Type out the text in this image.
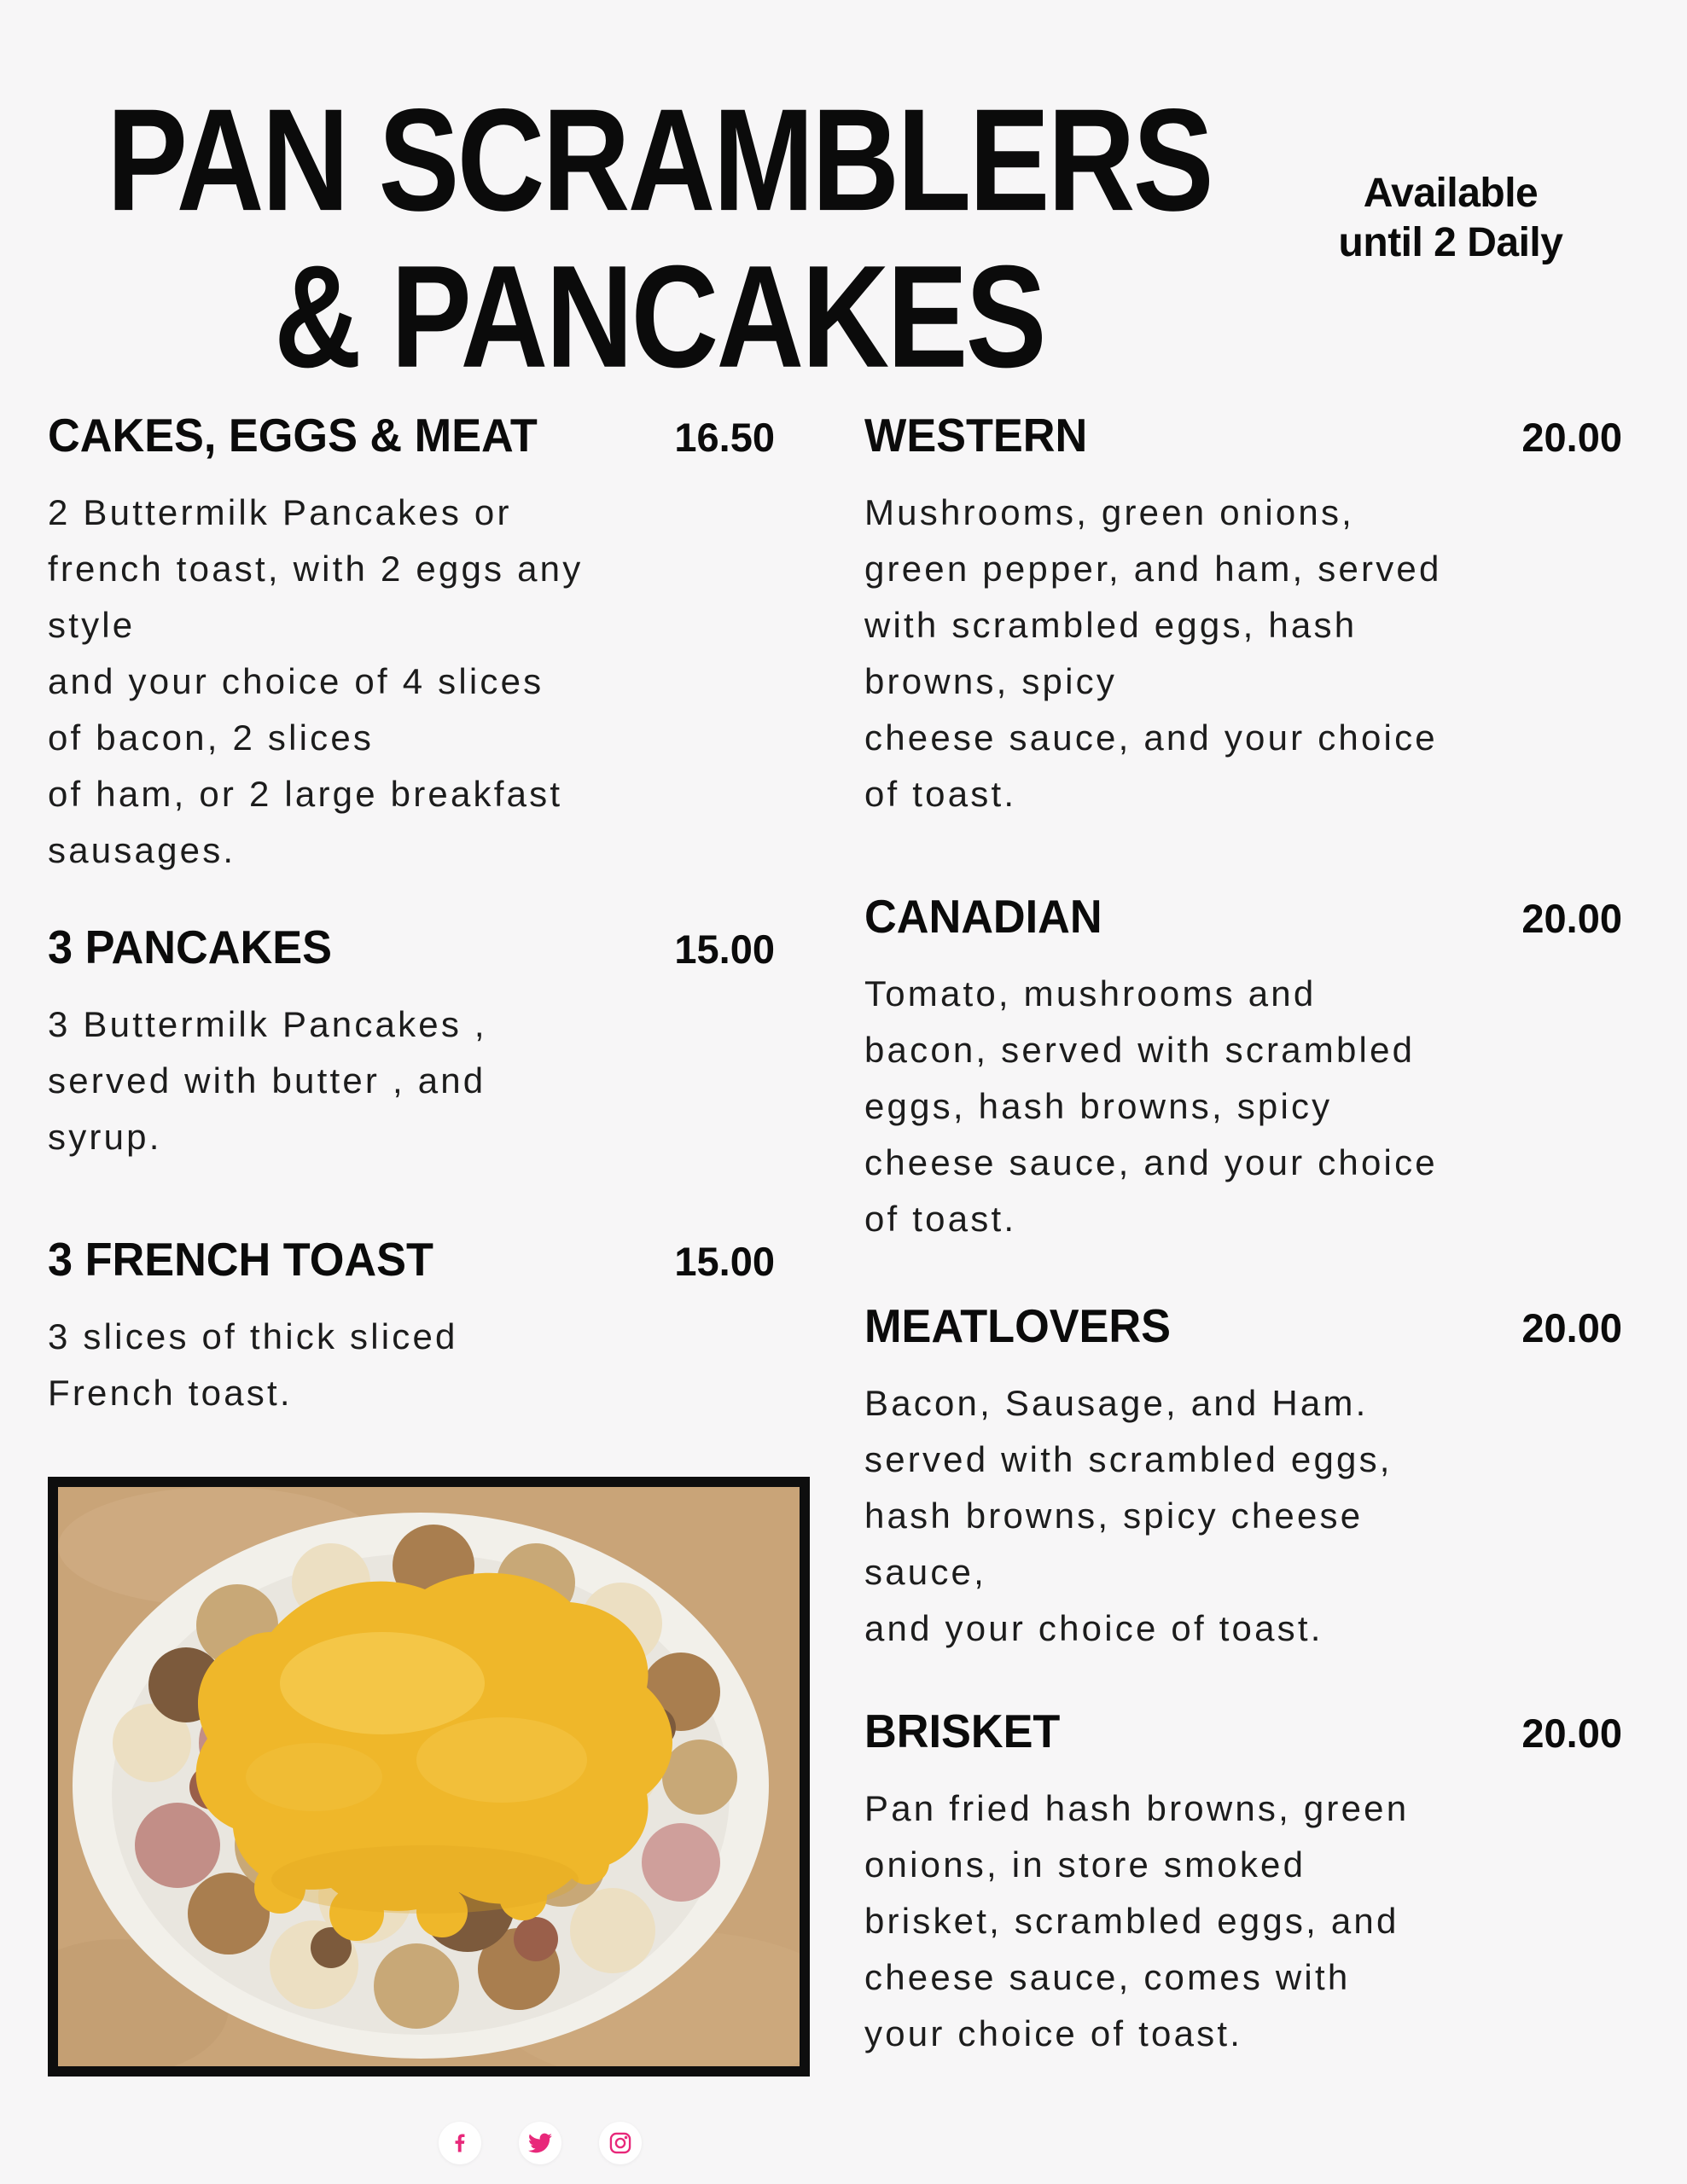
PAN SCRAMBLERS
& PANCAKES
Available
until 2 Daily
CAKES, EGGS & MEAT	16.50
2 Buttermilk Pancakes or
french toast, with 2 eggs any
style
and your choice of 4 slices
of bacon, 2 slices
of ham, or 2 large breakfast
sausages.
3 PANCAKES	15.00
3 Buttermilk Pancakes ,
served with butter , and
syrup.
3 FRENCH TOAST	15.00
3 slices of thick sliced
French toast.
WESTERN	20.00
Mushrooms, green onions,
green pepper, and ham, served
with scrambled eggs, hash
browns, spicy
cheese sauce, and your choice
of toast.
CANADIAN	20.00
Tomato, mushrooms and
bacon, served with scrambled
eggs, hash browns, spicy
cheese sauce, and your choice
of toast.
MEATLOVERS	20.00
Bacon, Sausage, and Ham.
served with scrambled eggs,
hash browns, spicy cheese
sauce,
and your choice of toast.
BRISKET	20.00
Pan fried hash browns, green
onions, in store smoked
brisket, scrambled eggs, and
cheese sauce, comes with
your choice of toast.
